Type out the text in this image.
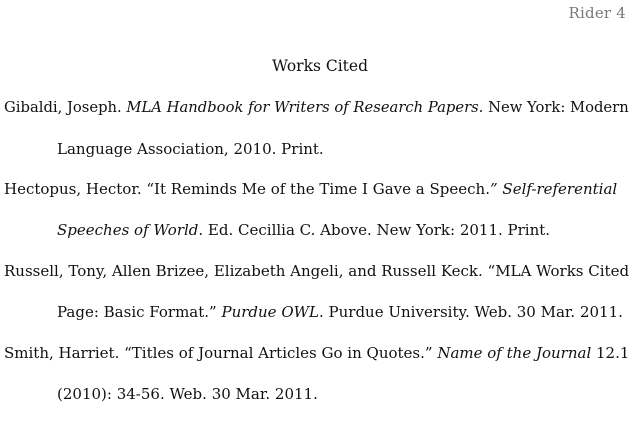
Rider 4
Works Cited
Gibaldi, Joseph. MLA Handbook for Writers of Research Papers. New York: Modern
Language Association, 2010. Print.
Hectopus, Hector. “It Reminds Me of the Time I Gave a Speech.” Self-referential
Speeches of World. Ed. Cecillia C. Above. New York: 2011. Print.
Russell, Tony, Allen Brizee, Elizabeth Angeli, and Russell Keck. “MLA Works Cited
Page: Basic Format.” Purdue OWL. Purdue University. Web. 30 Mar. 2011.
Smith, Harriet. “Titles of Journal Articles Go in Quotes.” Name of the Journal 12.1
(2010): 34-56. Web. 30 Mar. 2011.
